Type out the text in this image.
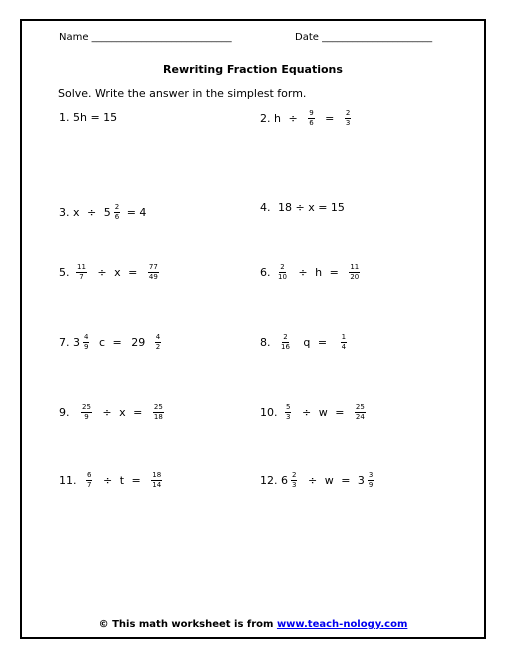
Name ____________________________	Date ______________________
Rewriting Fraction Equations
Solve. Write the answer in the simplest form.
1. 5h = 15	2. $h \div \frac{9}{6} = \frac{2}{3}$
3. $x \div 5 \frac{2}{6} = 4$	4. 18 ÷ x = 15
5. $\frac{11}{7} \div x = \frac{77}{49}$	6. $\frac{2}{10} \div h = \frac{11}{20}$
7. $3 \frac{4}{9}$ $c = 29 \frac{4}{2}$	8. $\frac{2}{16}$ $q = \frac{1}{4}$
9. $\frac{25}{9} \div x = \frac{25}{18}$	10. $\frac{5}{3} \div w = \frac{25}{24}$
11. $\frac{6}{7} \div t = \frac{18}{14}$	12. $6 \frac{2}{3} \div w = 3 \frac{3}{9}$
© This math worksheet is from www.teach-nology.com
